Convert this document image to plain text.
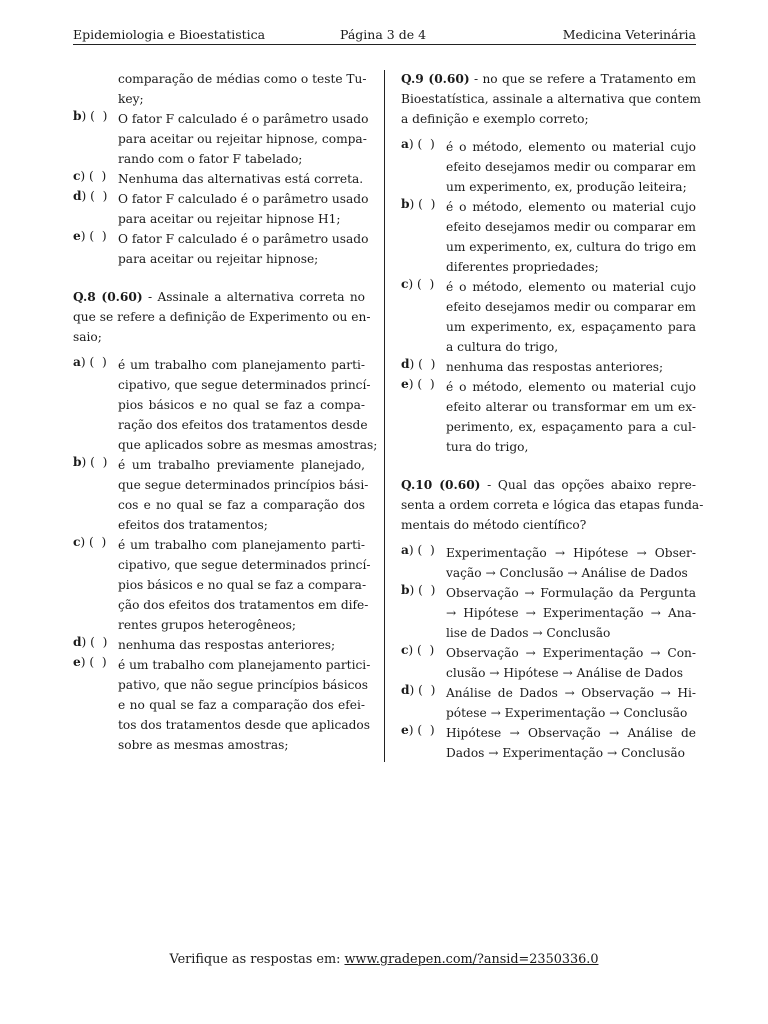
Epidemiologia e Bioestatistica	Página 3 de 4	Medicina Veterinária
comparação de médias como o teste Tu-
key;
b) (  ) O fator F calculado é o parâmetro usado
para aceitar ou rejeitar hipnose, compa-
rando com o fator F tabelado;
c) (  ) Nenhuma das alternativas está correta.
d) (  ) O fator F calculado é o parâmetro usado
para aceitar ou rejeitar hipnose H1;
e) (  ) O fator F calculado é o parâmetro usado
para aceitar ou rejeitar hipnose;
Q.8 (0.60) - Assinale a alternativa correta no
que se refere a definição de Experimento ou en-
saio;
a) (  ) é um trabalho com planejamento parti-
cipativo, que segue determinados princí-
pios básicos e no qual se faz a compa-
ração dos efeitos dos tratamentos desde
que aplicados sobre as mesmas amostras;
b) (  ) é um trabalho previamente planejado,
que segue determinados princípios bási-
cos e no qual se faz a comparação dos
efeitos dos tratamentos;
c) (  ) é um trabalho com planejamento parti-
cipativo, que segue determinados princí-
pios básicos e no qual se faz a compara-
ção dos efeitos dos tratamentos em dife-
rentes grupos heterogêneos;
d) (  ) nenhuma das respostas anteriores;
e) (  ) é um trabalho com planejamento partici-
pativo, que não segue princípios básicos
e no qual se faz a comparação dos efei-
tos dos tratamentos desde que aplicados
sobre as mesmas amostras;
Q.9 (0.60) - no que se refere a Tratamento em
Bioestatística, assinale a alternativa que contem
a definição e exemplo correto;
a) (  ) é o método, elemento ou material cujo
efeito desejamos medir ou comparar em
um experimento, ex, produção leiteira;
b) (  ) é o método, elemento ou material cujo
efeito desejamos medir ou comparar em
um experimento, ex, cultura do trigo em
diferentes propriedades;
c) (  ) é o método, elemento ou material cujo
efeito desejamos medir ou comparar em
um experimento, ex, espaçamento para
a cultura do trigo,
d) (  ) nenhuma das respostas anteriores;
e) (  ) é o método, elemento ou material cujo
efeito alterar ou transformar em um ex-
perimento, ex, espaçamento para a cul-
tura do trigo,
Q.10 (0.60) - Qual das opções abaixo repre-
senta a ordem correta e lógica das etapas funda-
mentais do método científico?
a) (  ) Experimentação → Hipótese → Obser-
vação → Conclusão → Análise de Dados
b) (  ) Observação → Formulação da Pergunta
→ Hipótese → Experimentação → Ana-
lise de Dados → Conclusão
c) (  ) Observação → Experimentação → Con-
clusão → Hipótese → Análise de Dados
d) (  ) Análise de Dados → Observação → Hi-
pótese → Experimentação → Conclusão
e) (  ) Hipótese → Observação → Análise de
Dados → Experimentação → Conclusão
Verifique as respostas em: www.gradepen.com/?ansid=2350336.0
